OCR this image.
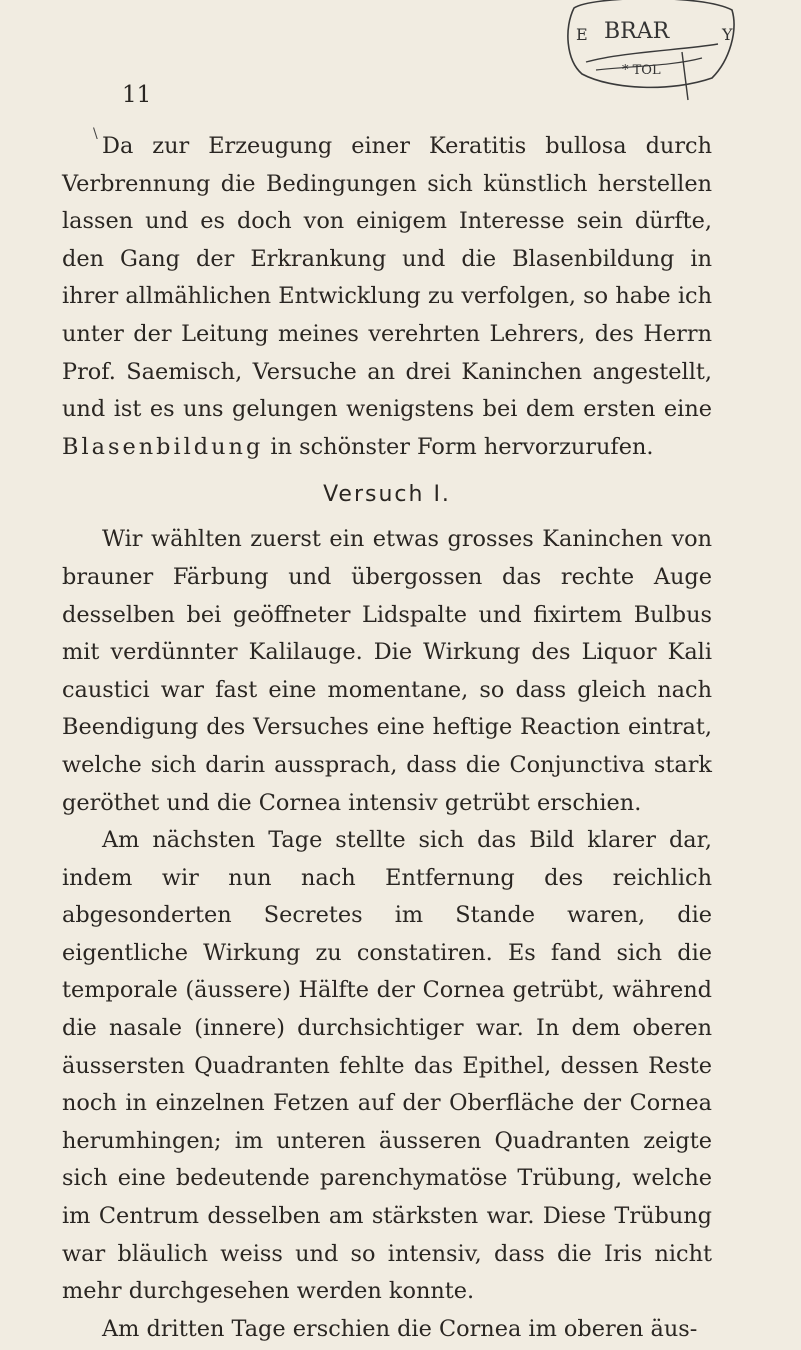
11
BRAR
E	Y
* TOL
\ Da zur Erzeugung einer Keratitis bullosa durch Verbrennung die Bedingungen sich künstlich herstellen lassen und es doch von einigem Interesse sein dürfte, den Gang der Erkrankung und die Blasenbildung in ihrer allmählichen Entwicklung zu verfolgen, so habe ich unter der Leitung meines verehrten Lehrers, des Herrn Prof. Saemisch, Versuche an drei Kaninchen angestellt, und ist es uns gelungen wenigstens bei dem ersten eine Blasenbildung in schönster Form hervorzurufen.

Versuch I.

Wir wählten zuerst ein etwas grosses Kaninchen von brauner Färbung und übergossen das rechte Auge desselben bei geöffneter Lidspalte und fixirtem Bulbus mit verdünnter Kalilauge. Die Wirkung des Liquor Kali caustici war fast eine momentane, so dass gleich nach Beendigung des Versuches eine heftige Reaction eintrat, welche sich darin aussprach, dass die Conjunctiva stark geröthet und die Cornea intensiv getrübt erschien.

Am nächsten Tage stellte sich das Bild klarer dar, indem wir nun nach Entfernung des reichlich abgesonderten Secretes im Stande waren, die eigentliche Wirkung zu constatiren. Es fand sich die temporale (äussere) Hälfte der Cornea getrübt, während die nasale (innere) durchsichtiger war. In dem oberen äussersten Quadranten fehlte das Epithel, dessen Reste noch in einzelnen Fetzen auf der Oberfläche der Cornea herumhingen; im unteren äusseren Quadranten zeigte sich eine bedeutende parenchymatöse Trübung, welche im Centrum desselben am stärksten war. Diese Trübung war bläulich weiss und so intensiv, dass die Iris nicht mehr durchgesehen werden konnte.

Am dritten Tage erschien die Cornea im oberen äus-
